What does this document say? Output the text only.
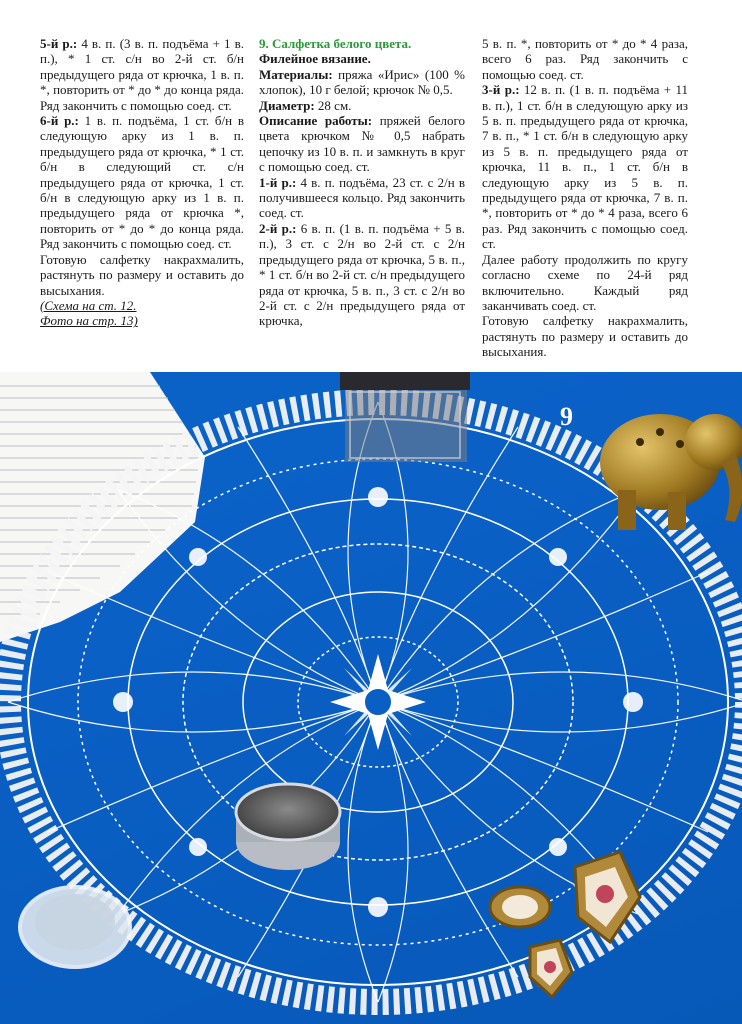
5-й р.: 4 в. п. (3 в. п. подъёма + 1 в. п.), * 1 ст. с/н во 2-й ст. б/н предыдущего ряда от крючка, 1 в. п. *, повторить от * до * до конца ряда. Ряд закончить с помощью соед. ст.

6-й р.: 1 в. п. подъёма, 1 ст. б/н в следующую арку из 1 в. п. предыдущего ряда от крючка, * 1 ст. б/н в следующий ст. с/н предыдущего ряда от крючка, 1 ст. б/н в следующую арку из 1 в. п. предыдущего ряда от крючка *, повторить от * до * до конца ряда. Ряд закончить с помощью соед. ст.

Готовую салфетку накрахмалить, растянуть по размеру и оставить до высыхания.

(Схема на ст. 12.

Фото на стр. 13)

9. Салфетка белого цвета.

Филейное вязание.

Материалы: пряжа «Ирис» (100 % хлопок), 10 г белой; крючок № 0,5.

Диаметр: 28 см.

Описание работы: пряжей белого цвета крючком № 0,5 набрать цепочку из 10 в. п. и замкнуть в круг с помощью соед. ст.

1-й р.: 4 в. п. подъёма, 23 ст. с 2/н в получившееся кольцо. Ряд закончить соед. ст.

2-й р.: 6 в. п. (1 в. п. подъёма + 5 в. п.), 3 ст. с 2/н во 2-й ст. с 2/н предыдущего ряда от крючка, 5 в. п., * 1 ст. б/н во 2-й ст. с/н предыдущего ряда от крючка, 5 в. п., 3 ст. с 2/н во 2-й ст. с 2/н предыдущего ряда от крючка,

5 в. п. *, повторить от * до * 4 раза, всего 6 раз. Ряд закончить с помощью соед. ст.

3-й р.: 12 в. п. (1 в. п. подъёма + 11 в. п.), 1 ст. б/н в следующую арку из 5 в. п. предыдущего ряда от крючка, 7 в. п., * 1 ст. б/н в следующую арку из 5 в. п. предыдущего ряда от крючка, 11 в. п., 1 ст. б/н в следующую арку из 5 в. п. предыдущего ряда от крючка, 7 в. п. *, повторить от * до * 4 раза, всего 6 раз. Ряд закончить с помощью соед. ст.

Далее работу продолжить по кругу согласно схеме по 24-й ряд включительно. Каждый ряд заканчивать соед. ст.

Готовую салфетку накрахмалить, растянуть по размеру и оставить до высыхания.

9
